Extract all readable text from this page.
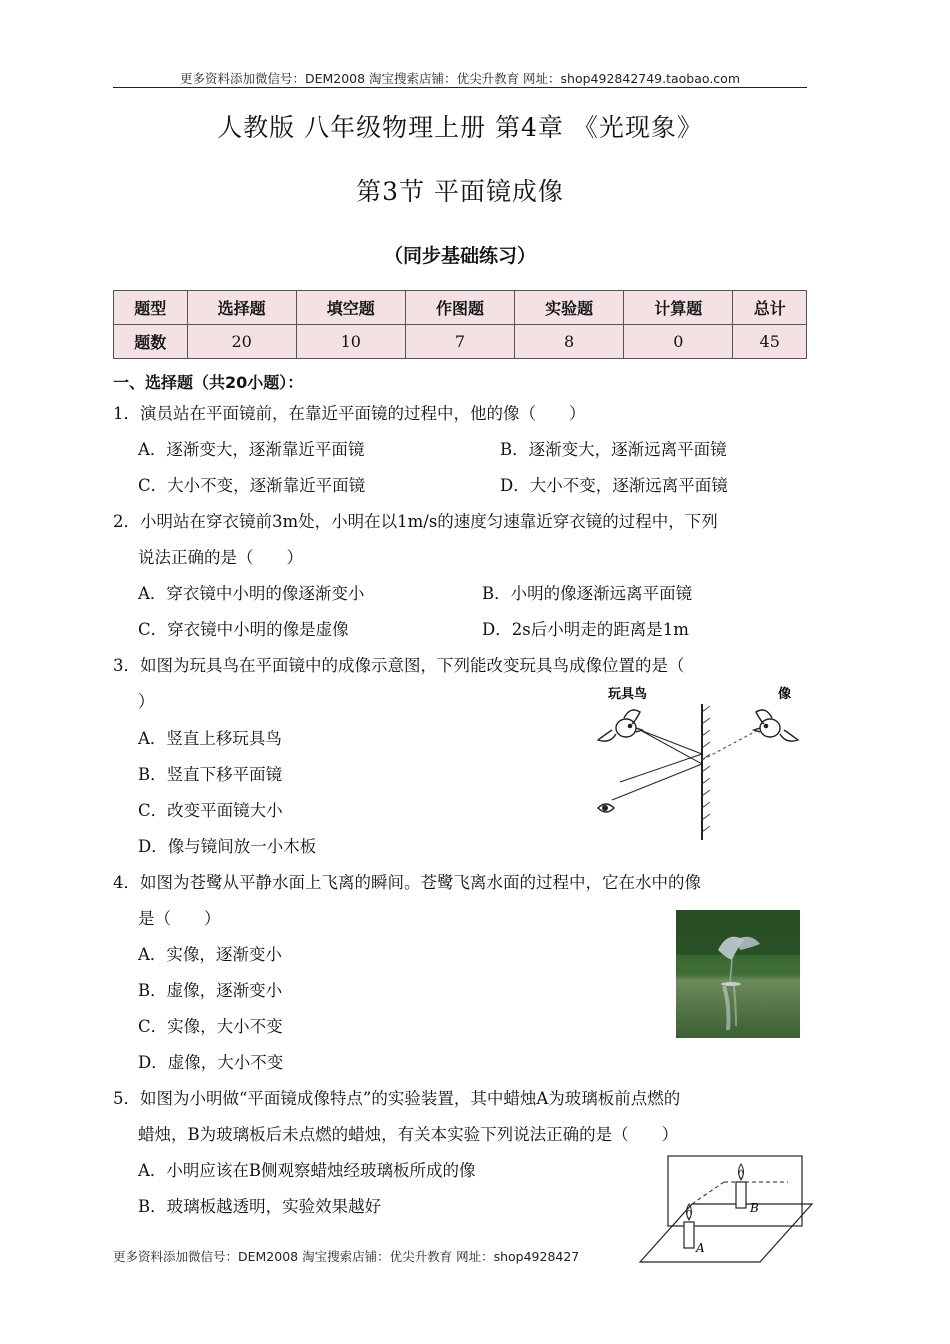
更多资料添加微信号：DEM2008 淘宝搜索店铺：优尖升教育 网址：shop492842749.taobao.com
人教版 八年级物理上册 第4章 《光现象》
第3节 平面镜成像
（同步基础练习）
题型	选择题	填空题	作图题	实验题	计算题	总计
题数	20	10	7	8	0	45
一、选择题（共20小题）：
1．演员站在平面镜前，在靠近平面镜的过程中，他的像（　　）
A．逐渐变大，逐渐靠近平面镜	B．逐渐变大，逐渐远离平面镜
C．大小不变，逐渐靠近平面镜	D．大小不变，逐渐远离平面镜
2．小明站在穿衣镜前3m处，小明在以1m/s的速度匀速靠近穿衣镜的过程中，下列
说法正确的是（　　）
A．穿衣镜中小明的像逐渐变小	B．小明的像逐渐远离平面镜
C．穿衣镜中小明的像是虚像	D．2s后小明走的距离是1m
3．如图为玩具鸟在平面镜中的成像示意图，下列能改变玩具鸟成像位置的是（
）
A．竖直上移玩具鸟
B．竖直下移平面镜
C．改变平面镜大小
D．像与镜间放一小木板
玩具鸟	像
4．如图为苍鹭从平静水面上飞离的瞬间。苍鹭飞离水面的过程中，它在水中的像
是（　　）
A．实像，逐渐变小
B．虚像，逐渐变小
C．实像，大小不变
D．虚像，大小不变
5．如图为小明做“平面镜成像特点”的实验装置，其中蜡烛A为玻璃板前点燃的
蜡烛，B为玻璃板后未点燃的蜡烛，有关本实验下列说法正确的是（　　）
A．小明应该在B侧观察蜡烛经玻璃板所成的像
B．玻璃板越透明，实验效果越好	B
A
更多资料添加微信号：DEM2008 淘宝搜索店铺：优尖升教育 网址：shop4928427
